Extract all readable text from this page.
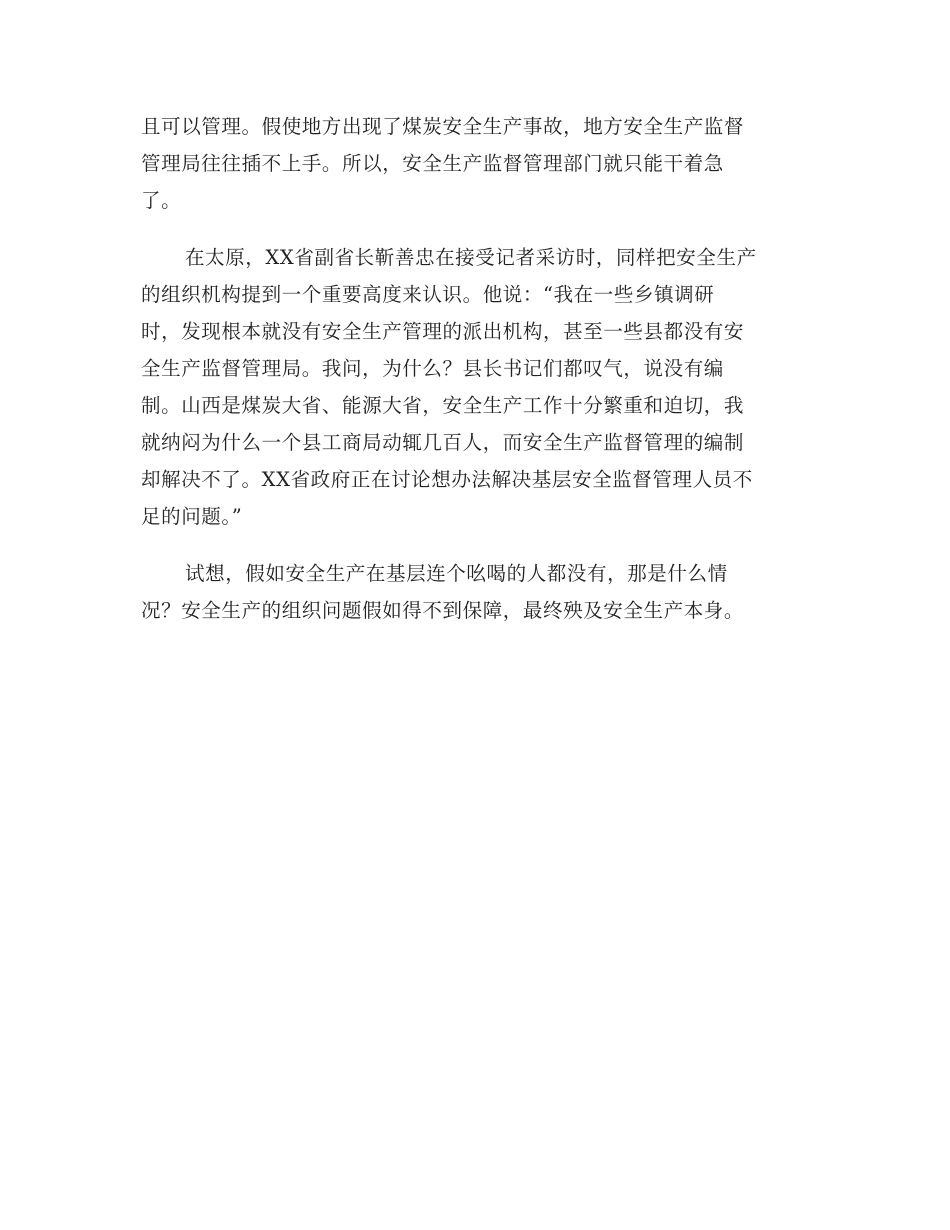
且可以管理。假使地方出现了煤炭安全生产事故，地方安全生产监督
管理局往往插不上手。所以，安全生产监督管理部门就只能干着急
了。
在太原，XX省副省长靳善忠在接受记者采访时，同样把安全生产
的组织机构提到一个重要高度来认识。他说：“我在一些乡镇调研
时，发现根本就没有安全生产管理的派出机构，甚至一些县都没有安
全生产监督管理局。我问，为什么？县长书记们都叹气，说没有编
制。山西是煤炭大省、能源大省，安全生产工作十分繁重和迫切，我
就纳闷为什么一个县工商局动辄几百人，而安全生产监督管理的编制
却解决不了。XX省政府正在讨论想办法解决基层安全监督管理人员不
足的问题。”
试想，假如安全生产在基层连个吆喝的人都没有，那是什么情
况？安全生产的组织问题假如得不到保障，最终殃及安全生产本身。
